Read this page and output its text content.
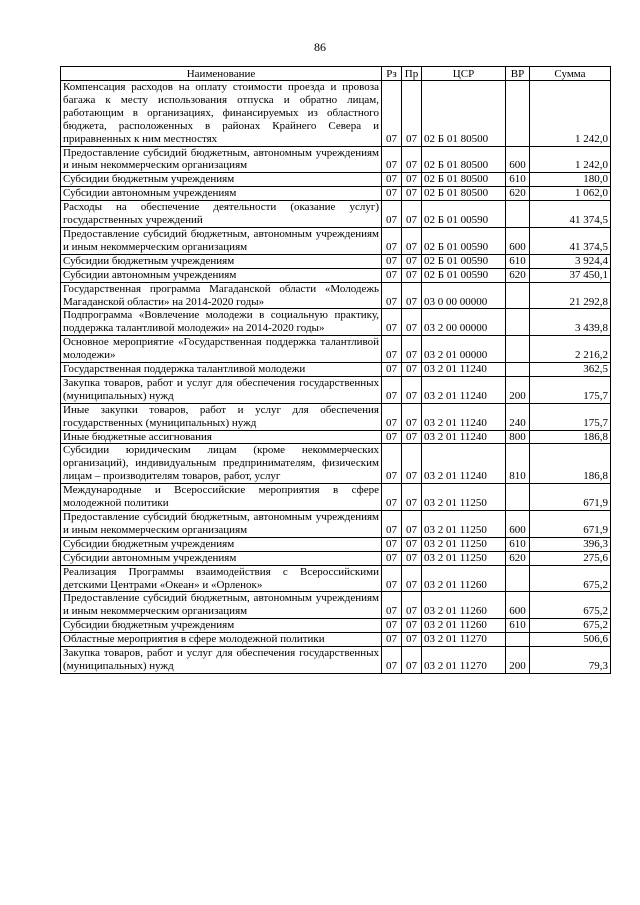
86
Наименование	Рз	Пр	ЦСР	ВР	Сумма
Компенсация расходов на оплату стоимости проезда и провоза багажа к месту использования отпуска и обратно лицам, работающим в организациях, финансируемых из областного бюджета, расположенных в районах Крайнего Севера и приравненных к ним местностях	07	07	02 Б 01 80500		1 242,0
Предоставление субсидий бюджетным, автономным учреждениям и иным некоммерческим организациям	07	07	02 Б 01 80500	600	1 242,0
Субсидии бюджетным учреждениям	07	07	02 Б 01 80500	610	180,0
Субсидии автономным учреждениям	07	07	02 Б 01 80500	620	1 062,0
Расходы на обеспечение деятельности (оказание услуг) государственных учреждений	07	07	02 Б 01 00590		41 374,5
Предоставление субсидий бюджетным, автономным учреждениям и иным некоммерческим организациям	07	07	02 Б 01 00590	600	41 374,5
Субсидии бюджетным учреждениям	07	07	02 Б 01 00590	610	3 924,4
Субсидии автономным учреждениям	07	07	02 Б 01 00590	620	37 450,1
Государственная программа Магаданской области «Молодежь Магаданской области» на 2014-2020 годы»	07	07	03 0 00 00000		21 292,8
Подпрограмма «Вовлечение молодежи в социальную практику, поддержка талантливой молодежи» на 2014-2020 годы»	07	07	03 2 00 00000		3 439,8
Основное мероприятие «Государственная поддержка талантливой молодежи»	07	07	03 2 01 00000		2 216,2
Государственная поддержка талантливой молодежи	07	07	03 2 01 11240		362,5
Закупка товаров, работ и услуг для обеспечения государственных (муниципальных) нужд	07	07	03 2 01 11240	200	175,7
Иные закупки товаров, работ и услуг для обеспечения государственных (муниципальных) нужд	07	07	03 2 01 11240	240	175,7
Иные бюджетные ассигнования	07	07	03 2 01 11240	800	186,8
Субсидии юридическим лицам (кроме некоммерческих организаций), индивидуальным предпринимателям, физическим лицам – производителям товаров, работ, услуг	07	07	03 2 01 11240	810	186,8
Международные и Всероссийские мероприятия в сфере молодежной политики	07	07	03 2 01 11250		671,9
Предоставление субсидий бюджетным, автономным учреждениям и иным некоммерческим организациям	07	07	03 2 01 11250	600	671,9
Субсидии бюджетным учреждениям	07	07	03 2 01 11250	610	396,3
Субсидии автономным учреждениям	07	07	03 2 01 11250	620	275,6
Реализация Программы взаимодействия с Всероссийскими детскими Центрами «Океан» и «Орленок»	07	07	03 2 01 11260		675,2
Предоставление субсидий бюджетным, автономным учреждениям и иным некоммерческим организациям	07	07	03 2 01 11260	600	675,2
Субсидии бюджетным учреждениям	07	07	03 2 01 11260	610	675,2
Областные мероприятия в сфере молодежной политики	07	07	03 2 01 11270		506,6
Закупка товаров, работ и услуг для обеспечения государственных (муниципальных) нужд	07	07	03 2 01 11270	200	79,3
